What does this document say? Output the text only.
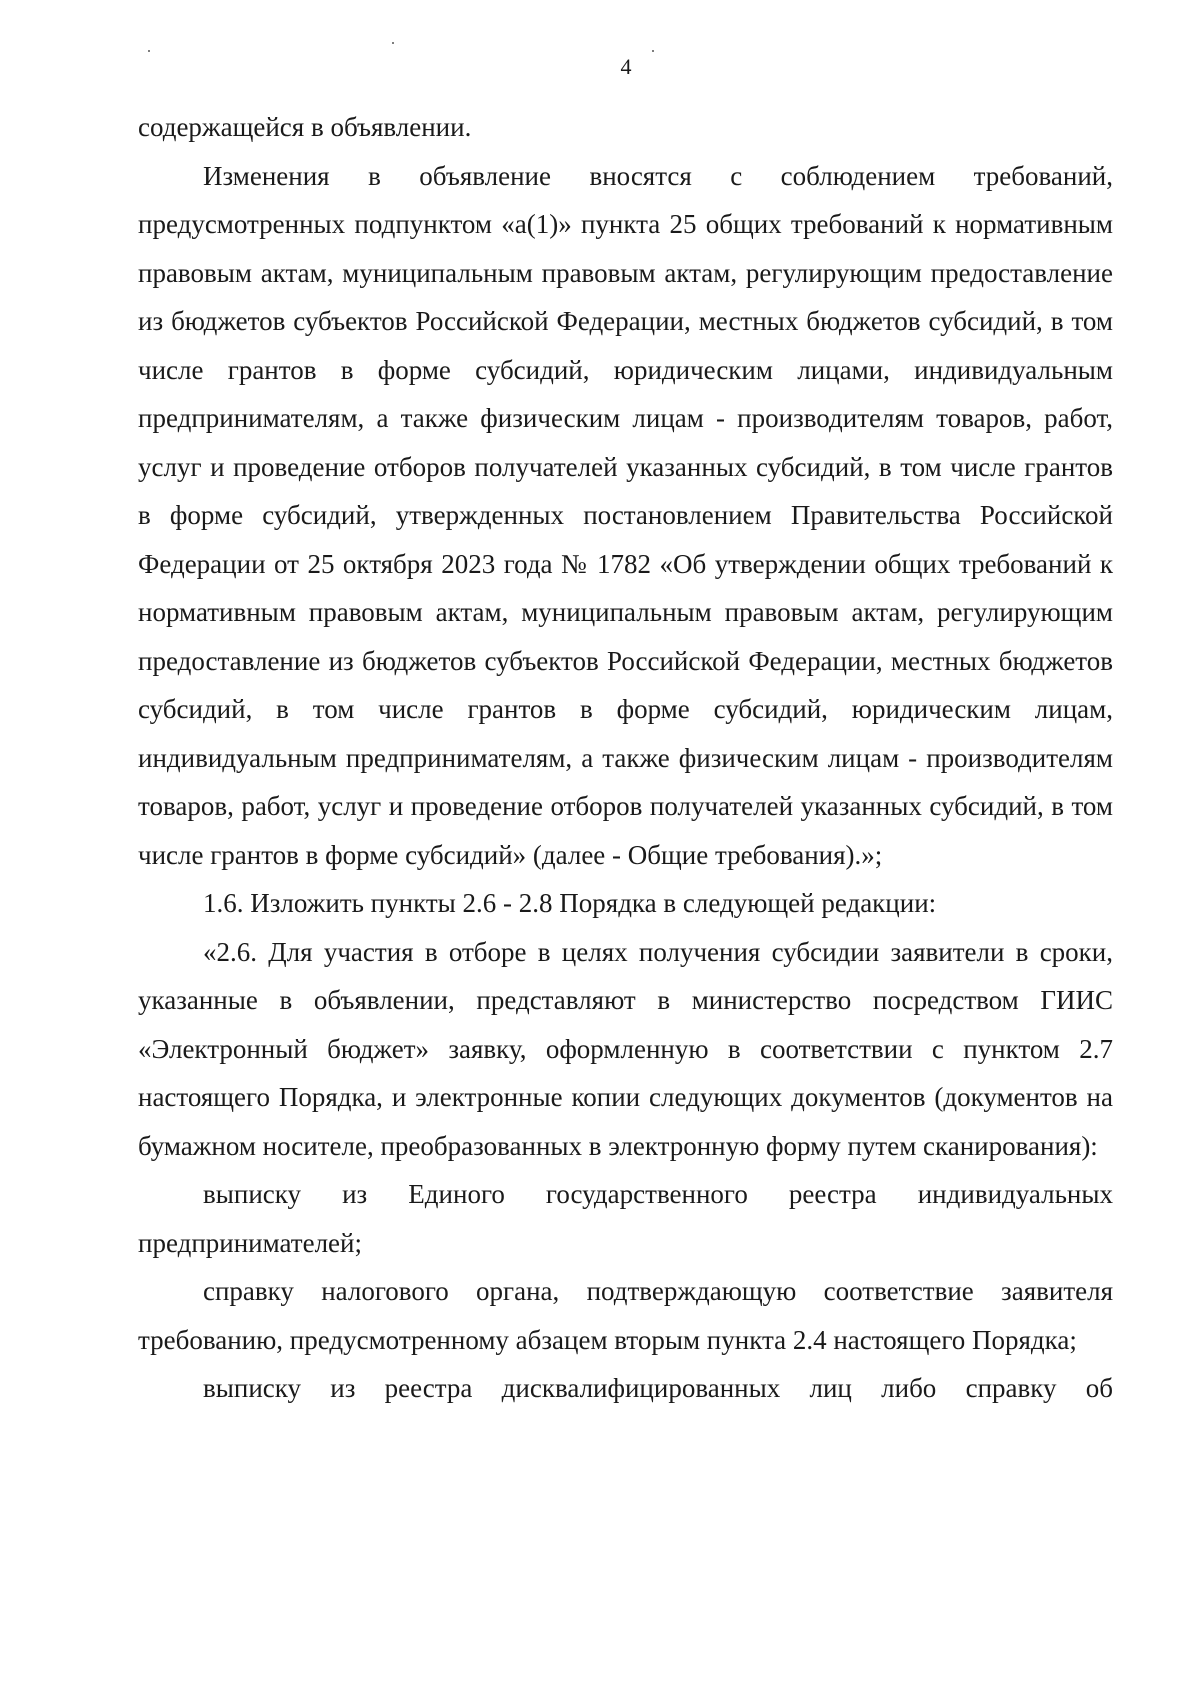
4

содержащейся в объявлении.

Изменения в объявление вносятся с соблюдением требований, предусмотренных подпунктом «а(1)» пункта 25 общих требований к нормативным правовым актам, муниципальным правовым актам, регулирующим предоставление из бюджетов субъектов Российской Федерации, местных бюджетов субсидий, в том числе грантов в форме субсидий, юридическим лицами, индивидуальным предпринимателям, а также физическим лицам - производителям товаров, работ, услуг и проведение отборов получателей указанных субсидий, в том числе грантов в форме субсидий, утвержденных постановлением Правительства Российской Федерации от 25 октября 2023 года № 1782 «Об утверждении общих требований к нормативным правовым актам, муниципальным правовым актам, регулирующим предоставление из бюджетов субъектов Российской Федерации, местных бюджетов субсидий, в том числе грантов в форме субсидий, юридическим лицам, индивидуальным предпринимателям, а также физическим лицам - производителям товаров, работ, услуг и проведение отборов получателей указанных субсидий, в том числе грантов в форме субсидий» (далее - Общие требования).»;

1.6. Изложить пункты 2.6 - 2.8 Порядка в следующей редакции:

«2.6. Для участия в отборе в целях получения субсидии заявители в сроки, указанные в объявлении, представляют в министерство посредством ГИИС «Электронный бюджет» заявку, оформленную в соответствии с пунктом 2.7 настоящего Порядка, и электронные копии следующих документов (документов на бумажном носителе, преобразованных в электронную форму путем сканирования):

выписку из Единого государственного реестра индивидуальных предпринимателей;

справку налогового органа, подтверждающую соответствие заявителя требованию, предусмотренному абзацем вторым пункта 2.4 настоящего Порядка;

выписку из реестра дисквалифицированных лиц либо справку об
